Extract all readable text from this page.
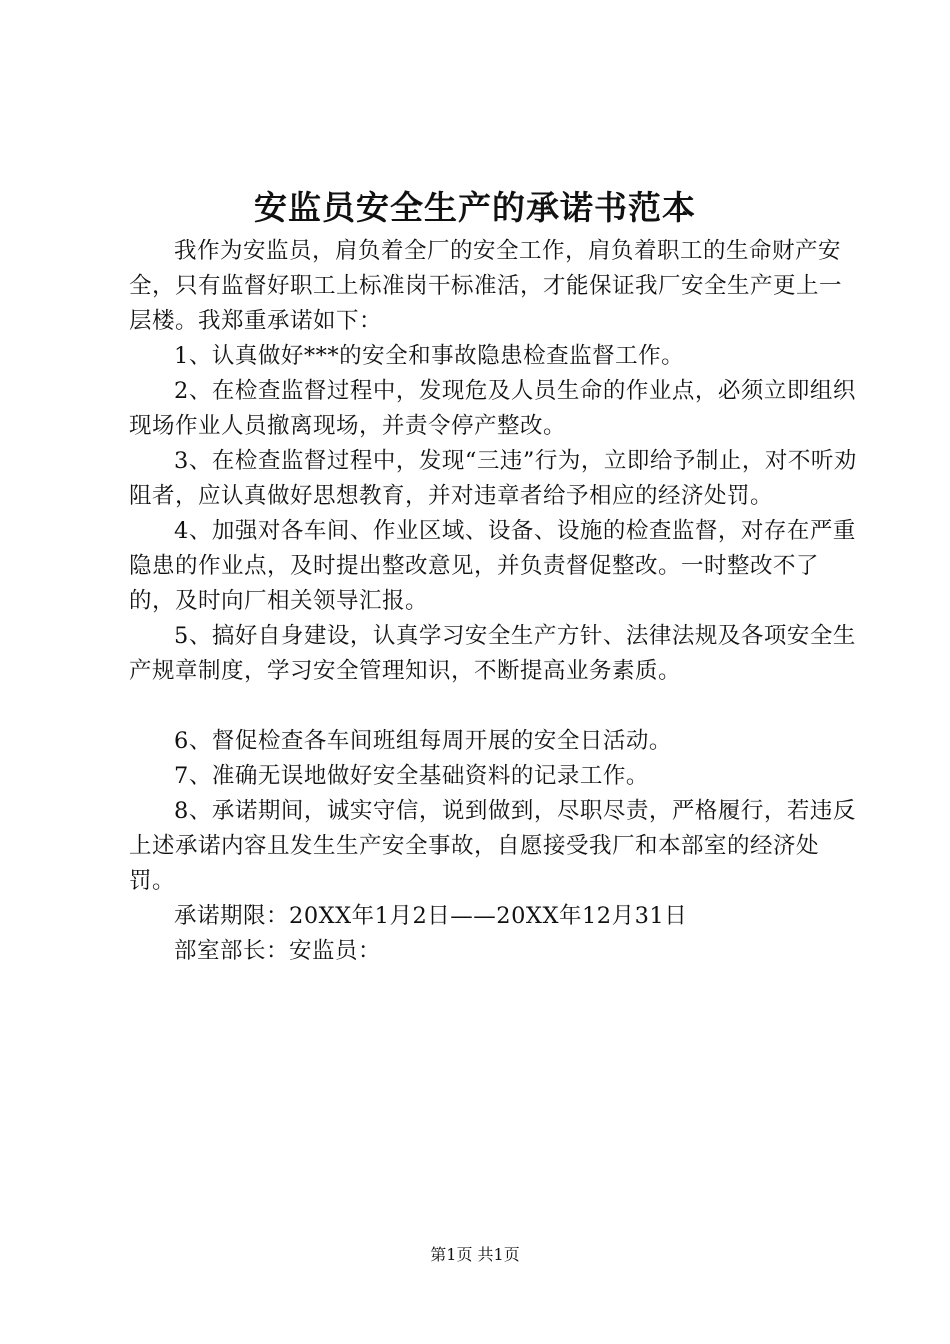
安监员安全生产的承诺书范本

我作为安监员，肩负着全厂的安全工作，肩负着职工的生命财产安全，只有监督好职工上标准岗干标准活，才能保证我厂安全生产更上一层楼。我郑重承诺如下：

1、认真做好***的安全和事故隐患检查监督工作。

2、在检查监督过程中，发现危及人员生命的作业点，必须立即组织现场作业人员撤离现场，并责令停产整改。

3、在检查监督过程中，发现“三违”行为，立即给予制止，对不听劝阻者，应认真做好思想教育，并对违章者给予相应的经济处罚。

4、加强对各车间、作业区域、设备、设施的检查监督，对存在严重隐患的作业点，及时提出整改意见，并负责督促整改。一时整改不了的，及时向厂相关领导汇报。

5、搞好自身建设，认真学习安全生产方针、法律法规及各项安全生产规章制度，学习安全管理知识，不断提高业务素质。

6、督促检查各车间班组每周开展的安全日活动。

7、准确无误地做好安全基础资料的记录工作。

8、承诺期间，诚实守信，说到做到，尽职尽责，严格履行，若违反上述承诺内容且发生生产安全事故，自愿接受我厂和本部室的经济处罚。

承诺期限：20XX年1月2日——20XX年12月31日

部室部长：安监员：

第1页 共1页
